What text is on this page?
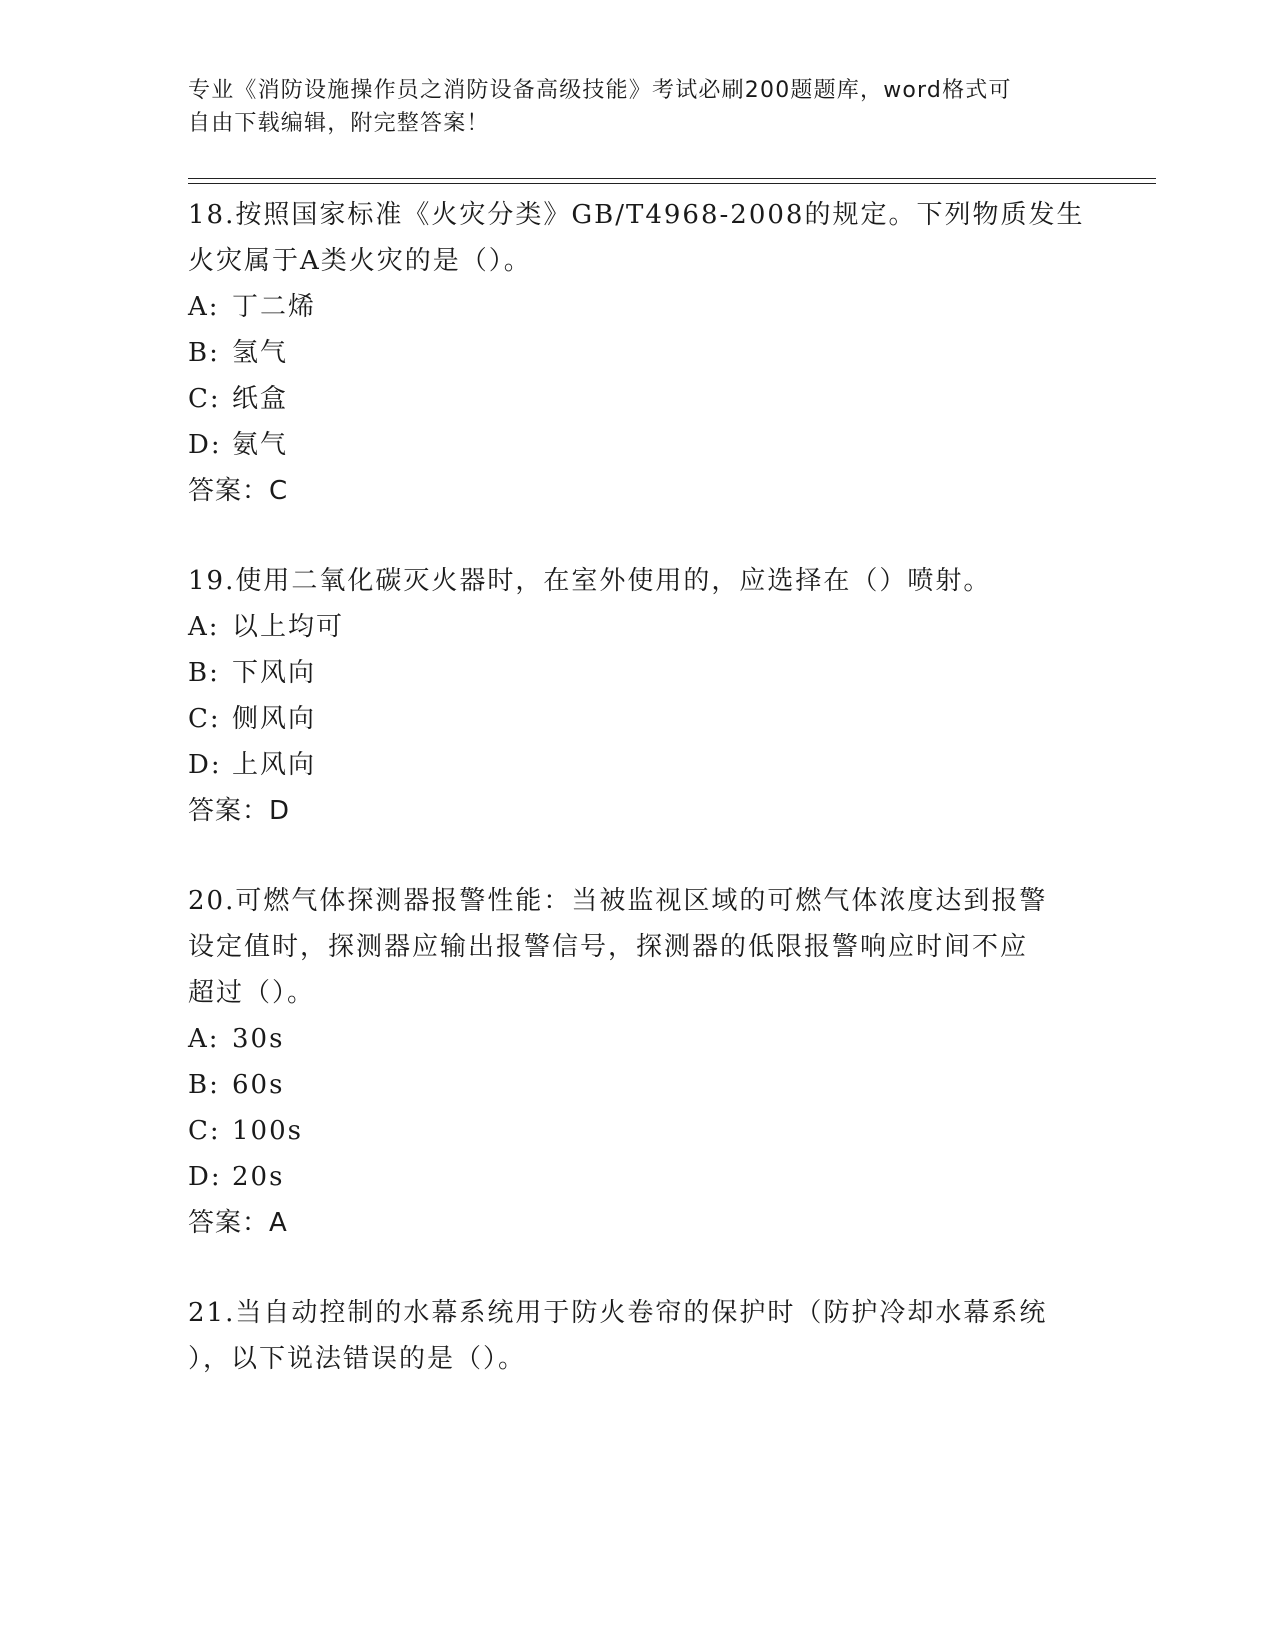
专业《消防设施操作员之消防设备高级技能》考试必刷200题题库，word格式可
自由下载编辑，附完整答案！
18.按照国家标准《火灾分类》GB/T4968-2008的规定。下列物质发生
火灾属于A类火灾的是（）。
A: 丁二烯
B: 氢气
C: 纸盒
D: 氨气
答案：C
19.使用二氧化碳灭火器时，在室外使用的，应选择在（）喷射。
A: 以上均可
B: 下风向
C: 侧风向
D: 上风向
答案：D
20.可燃气体探测器报警性能：当被监视区域的可燃气体浓度达到报警
设定值时，探测器应输出报警信号，探测器的低限报警响应时间不应
超过（）。
A: 30s
B: 60s
C: 100s
D: 20s
答案：A
21.当自动控制的水幕系统用于防火卷帘的保护时（防护冷却水幕系统
），以下说法错误的是（）。
